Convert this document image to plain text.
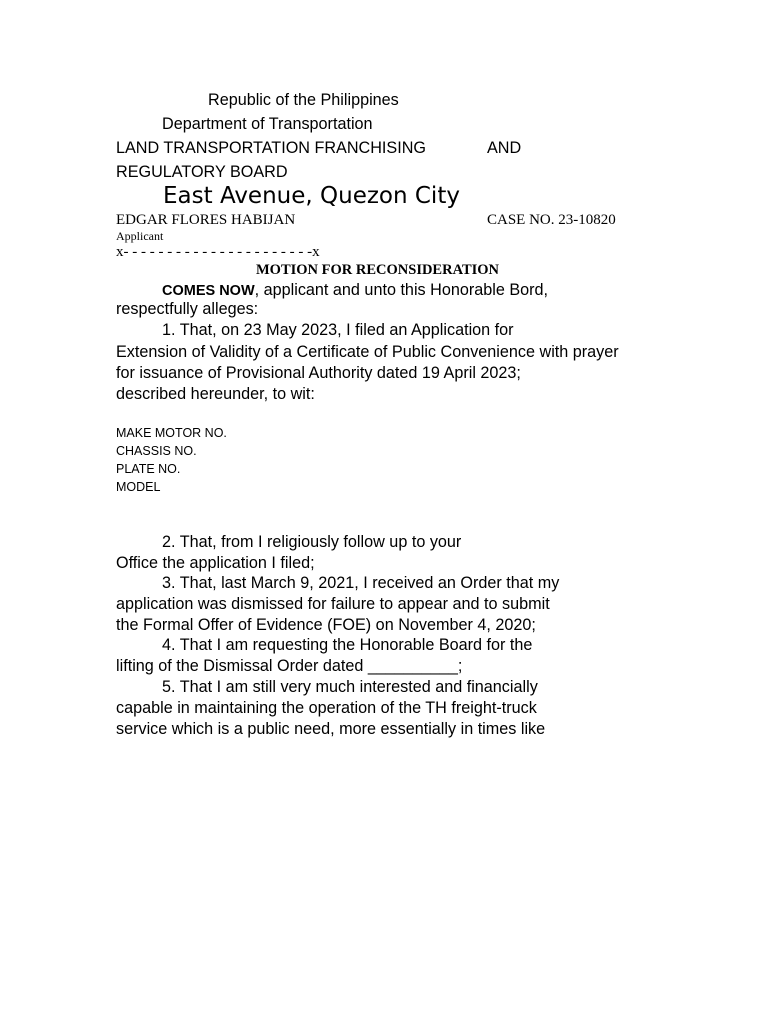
Republic of the Philippines
Department of Transportation
LAND TRANSPORTATION FRANCHISING	AND
REGULATORY BOARD
East Avenue, Quezon City
EDGAR FLORES HABIJAN	CASE NO. 23-10820
Applicant
x- - - - - - - - - - - - - - - - - - - - - -x
MOTION FOR RECONSIDERATION
COMES NOW, applicant and unto this Honorable Bord,
respectfully alleges:
1. That, on 23 May 2023, I filed an Application for
Extension of Validity of a Certificate of Public Convenience with prayer
for issuance of Provisional Authority dated 19 April 2023;
described hereunder, to wit:
MAKE MOTOR NO.
CHASSIS NO.
PLATE NO.
MODEL
2. That, from I religiously follow up to your
Office the application I filed;
3. That, last March 9, 2021, I received an Order that my
application was dismissed for failure to appear and to submit
the Formal Offer of Evidence (FOE) on November 4, 2020;
4. That I am requesting the Honorable Board for the
lifting of the Dismissal Order dated __________;
5. That I am still very much interested and financially
capable in maintaining the operation of the TH freight-truck
service which is a public need, more essentially in times like
